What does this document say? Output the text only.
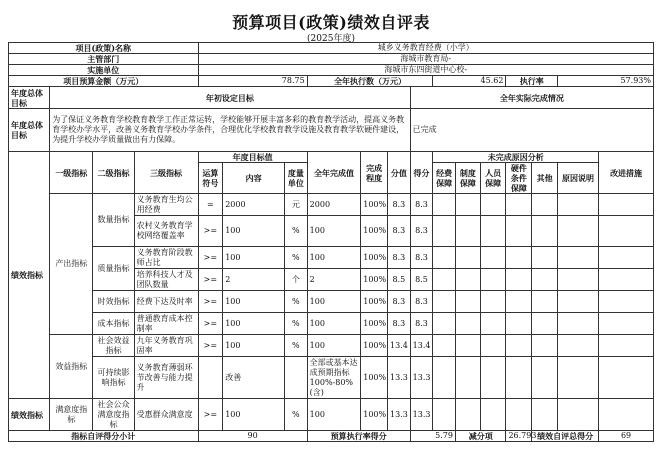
预算项目(政策)绩效自评表
(2025年度)
项目(政策)名称				城乡义务教育经费（小学）													
主管部门				海城市教育局-													
实施单位				海城市东四街道中心校-													
项目预算金额（万元）				78.75			全年执行数（万元）				45.62			执行率		57.93%	
年度总体目标	年初设定目标									全年实际完成情况							
年度总体目标	为了保证义务教育学校教育教学工作正常运转，学校能够开展丰富多彩的教育教学活动，提高义务教育学校办学水平，改善义务教育学校办学条件，合理优化学校教育教学设施及教育教学软硬件建设，为提升学校办学质量做出有力保障。									已完成							
绩效指标	一级指标	二级指标	三级指标	年度目标值			全年完成值	完成程度	分值	得分	未完成原因分析						改进措施
				运算符号	内容	度量单位					经费保障	制度保障	人员保障	硬件条件保障	其他	原因说明	
	产出指标	数量指标	义务教育生均公用经费	=	2000	元	2000	100%	8.3	8.3							
			农村义务教育学校网络覆盖率	>=	100	%	100	100%	8.3	8.3							
		质量指标	义务教育阶段教师占比	>=	100	%	100	100%	8.3	8.3							
			培养科技人才及团队数量	>=	2	个	2	100%	8.5	8.5							
		时效指标	经费下达及时率	>=	100	%	100	100%	8.3	8.3							
		成本指标	普通教育成本控制率	>=	100	%	100	100%	8.3	8.3							
	效益指标	社会效益指标	九年义务教育巩固率	>=	100	%	100	100%	13.4	13.4							
		可持续影响指标	义务教育薄弱环节改善与能力提升		改善		全部或基本达成预期指标100%-80%(含)	100%	13.3	13.3							
绩效指标	满意度指标	社会公众满意度指标	受惠群众满意度	>=	100	%	100	100%	13.3	13.3							
指标自评得分小计				90			预算执行率得分			5.79		减分项		26.793	绩效自评总得分		69
